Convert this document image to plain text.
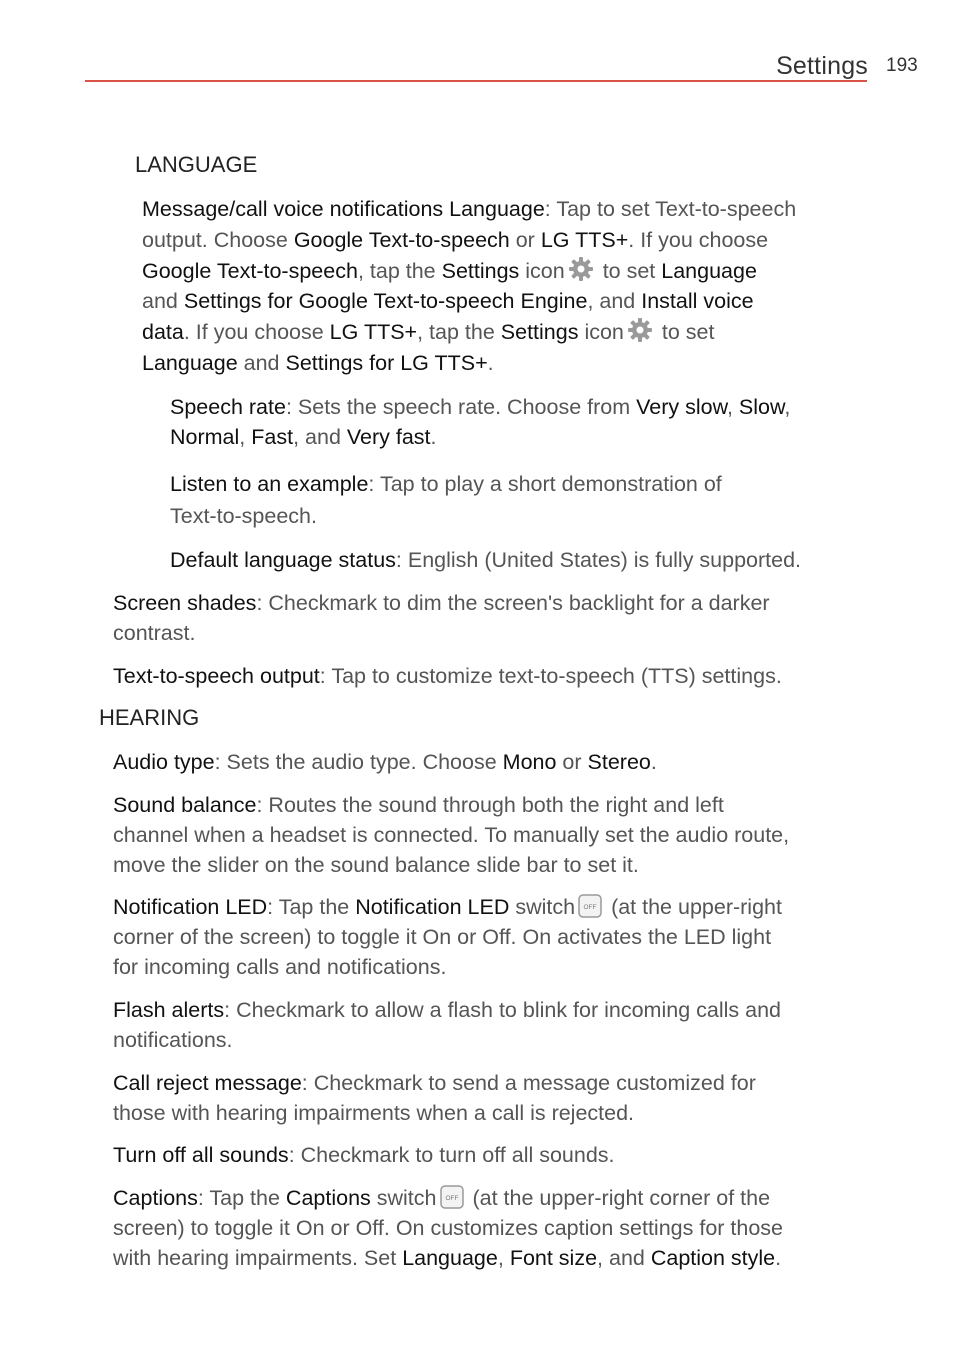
Settings 193
LANGUAGE
Message/call voice notifications Language: Tap to set Text-to-speech
output. Choose Google Text-to-speech or LG TTS+. If you choose
Google Text-to-speech, tap the Settings icon
to set Language
and Settings for Google Text-to-speech Engine, and Install voice
data. If you choose LG TTS+, tap the Settings icon
to set
Language and Settings for LG TTS+.
Speech rate: Sets the speech rate. Choose from Very slow, Slow,
Normal, Fast, and Very fast.
Listen to an example: Tap to play a short demonstration of
Text-to-speech.
Default language status: English (United States) is fully supported.
Screen shades: Checkmark to dim the screen's backlight for a darker
contrast.
Text-to-speech output: Tap to customize text-to-speech (TTS) settings.
HEARING
Audio type: Sets the audio type. Choose Mono or Stereo.
Sound balance: Routes the sound through both the right and left
channel when a headset is connected. To manually set the audio route,
move the slider on the sound balance slide bar to set it.
Notification LED: Tap the Notification LED switch OFF (at the upper-right
corner of the screen) to toggle it On or Off. On activates the LED light
for incoming calls and notifications.
Flash alerts: Checkmark to allow a flash to blink for incoming calls and
notifications.
Call reject message: Checkmark to send a message customized for
those with hearing impairments when a call is rejected.
Turn off all sounds: Checkmark to turn off all sounds.
Captions: Tap the Captions switch OFF (at the upper-right corner of the
screen) to toggle it On or Off. On customizes caption settings for those
with hearing impairments. Set Language, Font size, and Caption style.
